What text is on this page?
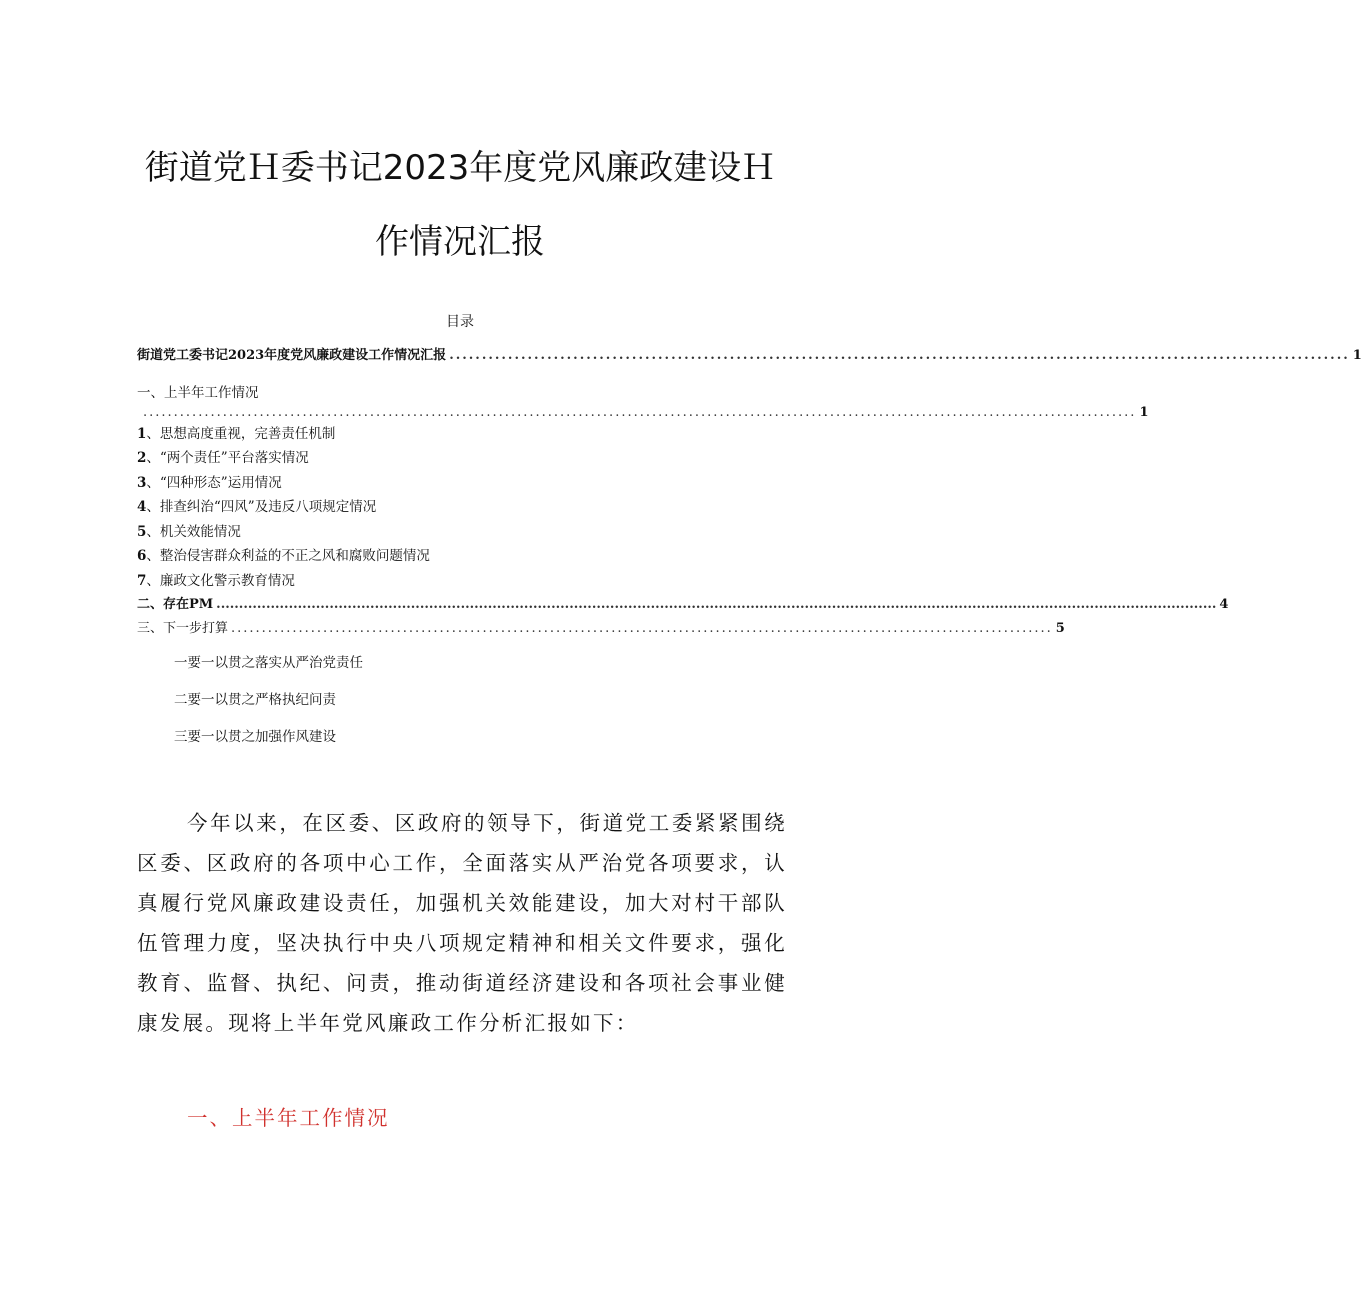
街道党Ｈ委书记2023年度党风廉政建设Ｈ
作情况汇报
目录
街道党工委书记2023年度党风廉政建设工作情况汇报 .......................................................................................................................................... 1
一、上半年工作情况
.................................................................................................................................................................. 1
1、思想高度重视，完善责任机制
2、“两个责任”平台落实情况
3、“四种形态”运用情况
4、排查纠治“四风”及违反八项规定情况
5、机关效能情况
6、整治侵害群众利益的不正之风和腐败问题情况
7、廉政文化警示教育情况
二、存在PM ............................................................................................................................................................................................................................. 4
三、下一步打算 ...................................................................................................................................... 5
一要一以贯之落实从严治党责任
二要一以贯之严格执纪问责
三要一以贯之加强作风建设

今年以来，在区委、区政府的领导下，街道党工委紧紧围绕区委、区政府的各项中心工作，全面落实从严治党各项要求，认真履行党风廉政建设责任，加强机关效能建设，加大对村干部队伍管理力度，坚决执行中央八项规定精神和相关文件要求，强化教育、监督、执纪、问责，推动街道经济建设和各项社会事业健康发展。现将上半年党风廉政工作分析汇报如下：

一、上半年工作情况
